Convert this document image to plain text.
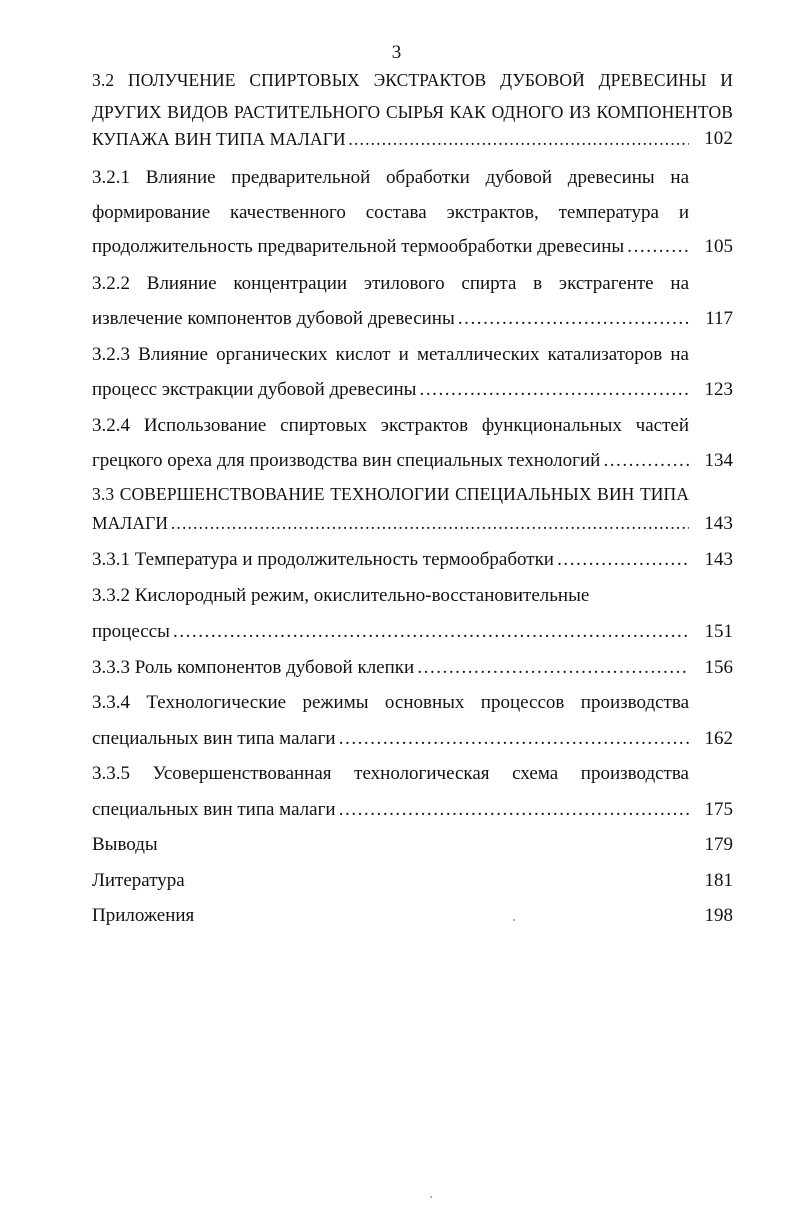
3
3.2 ПОЛУЧЕНИЕ СПИРТОВЫХ ЭКСТРАКТОВ ДУБОВОЙ ДРЕВЕСИНЫ И
ДРУГИХ ВИДОВ РАСТИТЕЛЬНОГО СЫРЬЯ КАК ОДНОГО ИЗ КОМПОНЕНТОВ
КУПАЖА ВИН ТИПА МАЛАГИ . . .	102
3.2.1 Влияние предварительной обработки дубовой древесины на
формирование качественного состава экстрактов, температура и
продолжительность предварительной термообработки древесины . . .	105
3.2.2 Влияние концентрации этилового спирта в экстрагенте на
извлечение компонентов дубовой древесины . . .	117
3.2.3 Влияние органических кислот и металлических катализаторов на
процесс экстракции дубовой древесины . . .	123
3.2.4 Использование спиртовых экстрактов функциональных частей
грецкого ореха для производства вин специальных технологий . . .	134
3.3 СОВЕРШЕНСТВОВАНИЕ ТЕХНОЛОГИИ СПЕЦИАЛЬНЫХ ВИН ТИПА
МАЛАГИ . . .	143
3.3.1 Температура и продолжительность термообработки . . .	143
3.3.2 Кислородный режим, окислительно-восстановительные
процессы . . .	151
3.3.3 Роль компонентов дубовой клепки . . .	156
3.3.4 Технологические режимы основных процессов производства
специальных вин типа малаги . . .	162
3.3.5 Усовершенствованная технологическая схема производства
специальных вин типа малаги . . .	175
Выводы	179
Литература	181
Приложения	198
